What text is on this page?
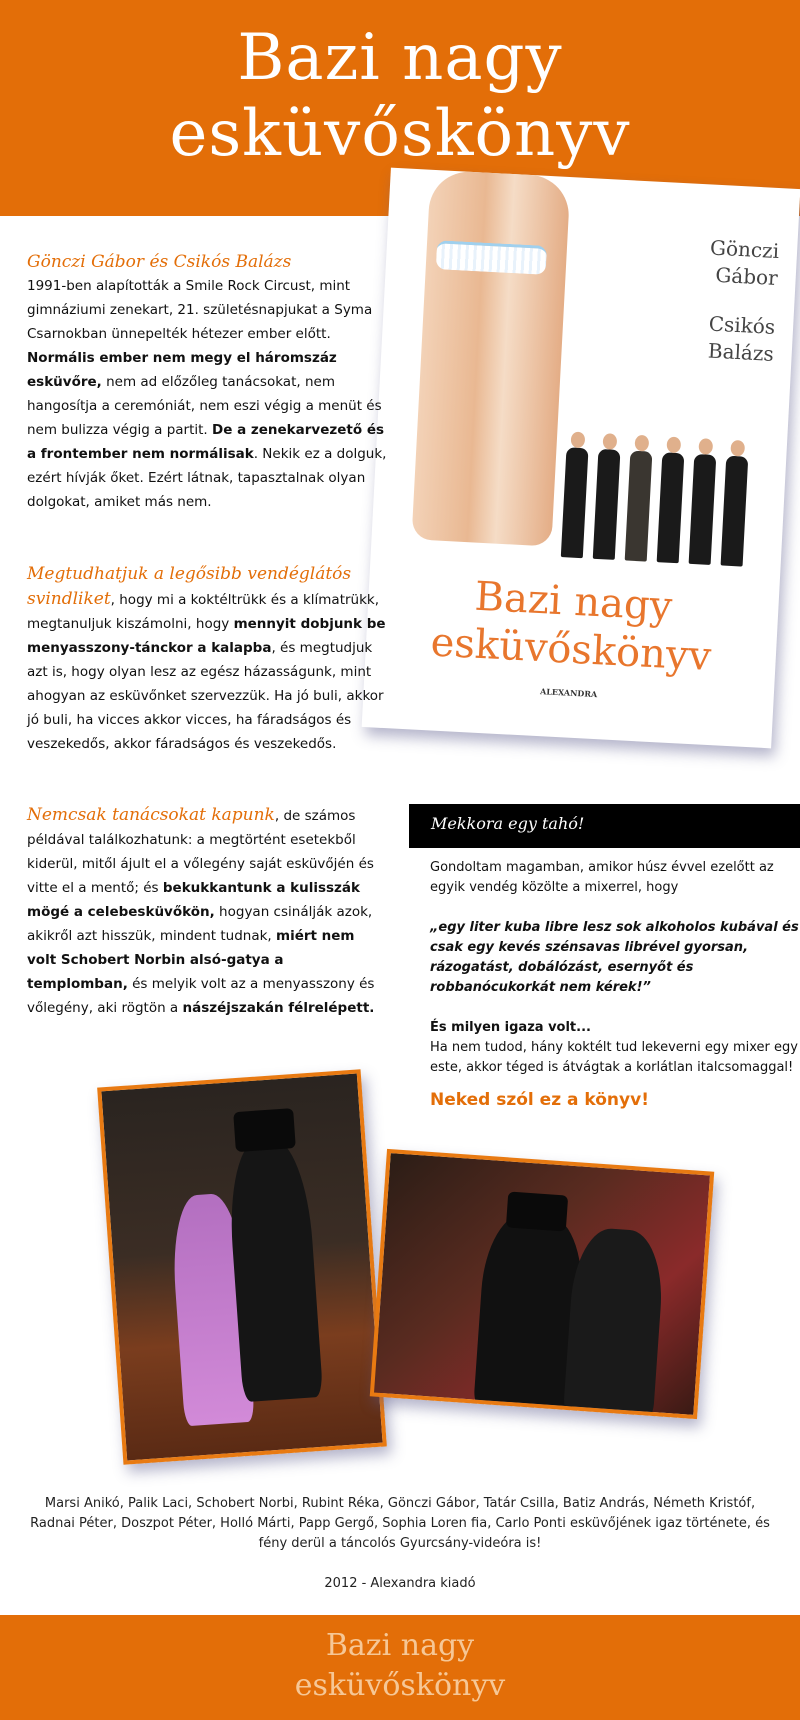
Bazi nagy
esküvőskönyv
Gönczi
Gábor
Csikós
Balázs
Bazi nagy
esküvőskönyv
ALEXANDRA
Gönczi Gábor és Csikós Balázs
1991-ben alapították a Smile Rock Circust, mint gimnáziumi zenekart, 21. születésnapjukat a Syma Csarnokban ünnepelték hétezer ember előtt. Normális ember nem megy el háromszáz esküvőre, nem ad előzőleg tanácsokat, nem hangosítja a ceremóniát, nem eszi végig a menüt és nem bulizza végig a partit. De a zenekarvezető és a frontember nem normálisak. Nekik ez a dolguk, ezért hívják őket. Ezért látnak, tapasztalnak olyan dolgokat, amiket más nem.
Megtudhatjuk a legősibb vendéglátós svindliket, hogy mi a koktéltrükk és a klímatrükk, megtanuljuk kiszámolni, hogy mennyit dobjunk be menyasszony-tánckor a kalapba, és megtudjuk azt is, hogy olyan lesz az egész házasságunk, mint ahogyan az esküvőnket szervezzük. Ha jó buli, akkor jó buli, ha vicces akkor vicces, ha fáradságos és veszekedős, akkor fáradságos és veszekedős.
Nemcsak tanácsokat kapunk, de számos példával találkozhatunk: a megtörtént esetekből kiderül, mitől ájult el a vőlegény saját esküvőjén és vitte el a mentő; és bekukkantunk a kulisszák mögé a celebesküvőkön, hogyan csinálják azok, akikről azt hisszük, mindent tudnak, miért nem volt Schobert Norbin alsó-gatya a templomban, és melyik volt az a menyasszony és vőlegény, aki rögtön a nászéjszakán félrelépett.
Mekkora egy tahó!

Gondoltam magamban, amikor húsz évvel ezelőtt az egyik vendég közölte a mixerrel, hogy

„egy liter kuba libre lesz sok alkoholos kubával és csak egy kevés szénsavas librével gyorsan, rázogatást, dobálózást, esernyőt és robbanócukorkát nem kérek!”

És milyen igaza volt...

Ha nem tudod, hány koktélt tud lekeverni egy mixer egy este, akkor téged is átvágtak a korlátlan italcsomaggal!

Neked szól ez a könyv!

Marsi Anikó, Palik Laci, Schobert Norbi, Rubint Réka, Gönczi Gábor, Tatár Csilla, Batiz András, Németh Kristóf, Radnai Péter, Doszpot Péter, Holló Márti, Papp Gergő, Sophia Loren fia, Carlo Ponti esküvőjének igaz története, és fény derül a táncolós Gyurcsány-videóra is!
2012 - Alexandra kiadó
Bazi nagy
esküvőskönyv
